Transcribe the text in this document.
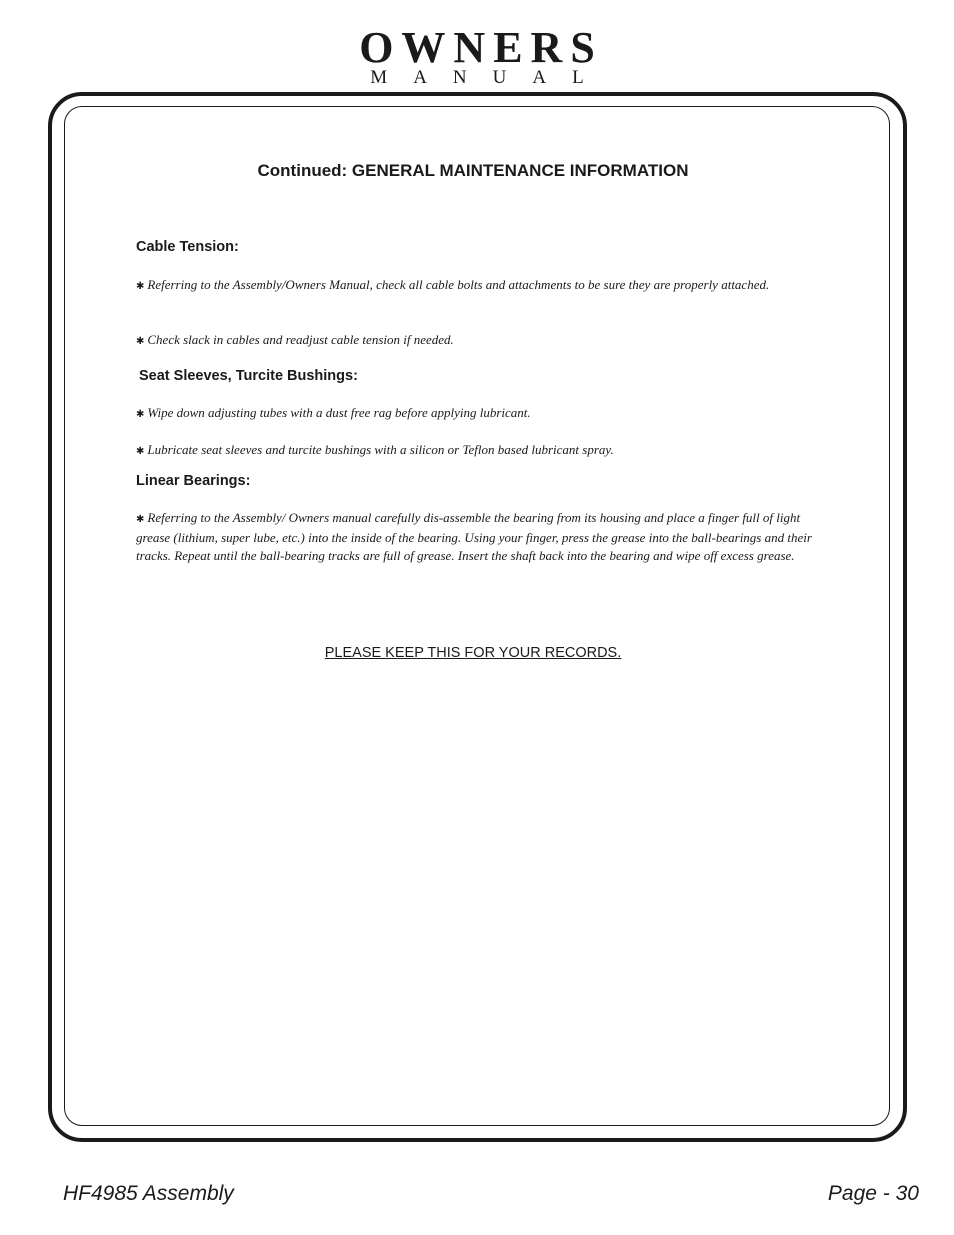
OWNERS
MANUAL
Continued: GENERAL MAINTENANCE INFORMATION
Cable Tension:
✱ Referring to the Assembly/Owners Manual, check all cable bolts and attachments to be sure they are properly attached.
✱ Check slack in cables and readjust cable tension if needed.
Seat Sleeves, Turcite Bushings:
✱ Wipe down adjusting tubes with a dust free rag before applying lubricant.
✱ Lubricate seat sleeves and turcite bushings with a silicon or Teflon based lubricant spray.
Linear Bearings:
✱ Referring to the Assembly/ Owners manual carefully dis-assemble the bearing from its housing and place a finger full of light grease (lithium, super lube, etc.) into the inside of the bearing. Using your finger, press the grease into the ball-bearings and their tracks. Repeat until the ball-bearing tracks are full of grease. Insert the shaft back into the bearing and wipe off excess grease.
PLEASE KEEP THIS FOR YOUR RECORDS.
HF4985 Assembly	Page - 30
